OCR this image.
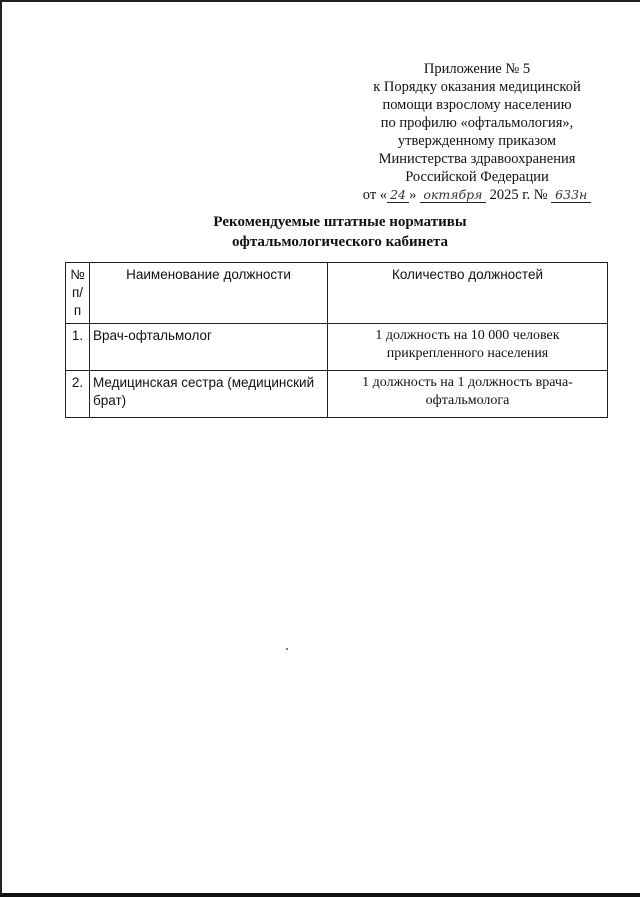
Приложение № 5
к Порядку оказания медицинской
помощи взрослому населению
по профилю «офтальмология»,
утвержденному приказом
Министерства здравоохранения
Российской Федерации
от « 24 » октября 2025 г. № 633н
Рекомендуемые штатные нормативы
офтальмологического кабинета
№ п/п	Наименование должности	Количество должностей
1.	Врач-офтальмолог	1 должность на 10 000 человек прикрепленного населения
2.	Медицинская сестра (медицинский брат)	1 должность на 1 должность врача-офтальмолога
